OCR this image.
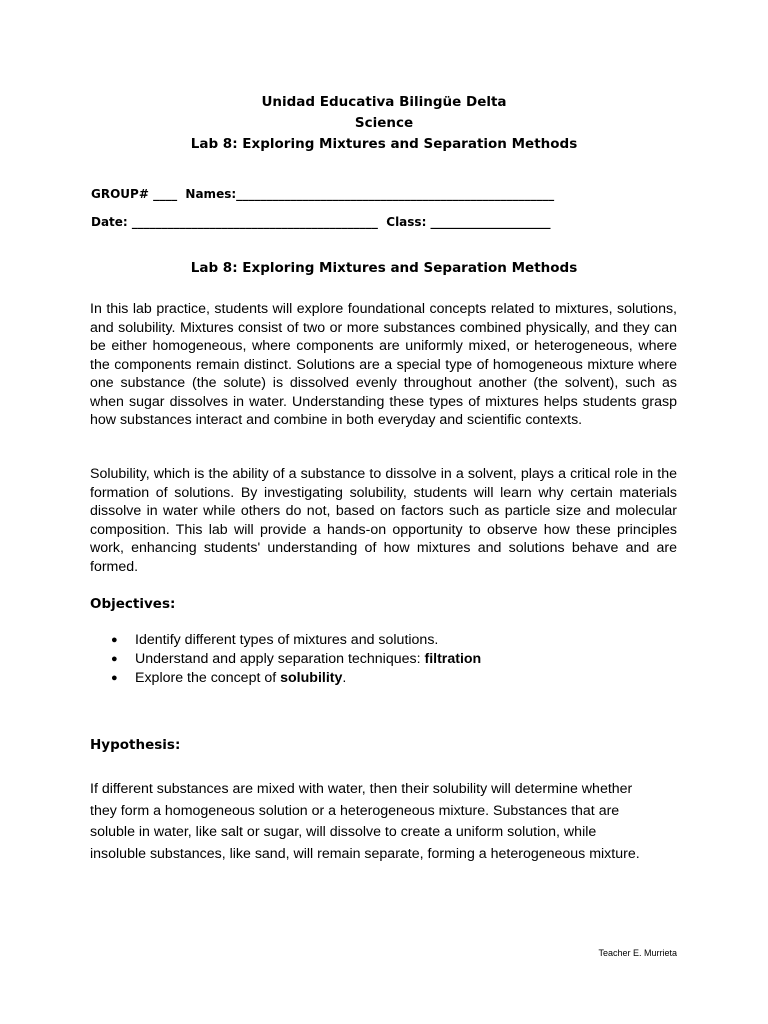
Unidad Educativa Bilingüe Delta
Science
Lab 8: Exploring Mixtures and Separation Methods
GROUP# ____  Names:_____________________________________________________
Date: _________________________________________  Class: ____________________
Lab 8: Exploring Mixtures and Separation Methods

In this lab practice, students will explore foundational concepts related to mixtures, solutions, and solubility. Mixtures consist of two or more substances combined physically, and they can be either homogeneous, where components are uniformly mixed, or heterogeneous, where the components remain distinct. Solutions are a special type of homogeneous mixture where one substance (the solute) is dissolved evenly throughout another (the solvent), such as when sugar dissolves in water. Understanding these types of mixtures helps students grasp how substances interact and combine in both everyday and scientific contexts.

Solubility, which is the ability of a substance to dissolve in a solvent, plays a critical role in the formation of solutions. By investigating solubility, students will learn why certain materials dissolve in water while others do not, based on factors such as particle size and molecular composition. This lab will provide a hands-on opportunity to observe how these principles work, enhancing students' understanding of how mixtures and solutions behave and are formed.

Objectives:
● Identify different types of mixtures and solutions.
● Understand and apply separation techniques: filtration
● Explore the concept of solubility.
Hypothesis:

If different substances are mixed with water, then their solubility will determine whether
they form a homogeneous solution or a heterogeneous mixture. Substances that are
soluble in water, like salt or sugar, will dissolve to create a uniform solution, while
insoluble substances, like sand, will remain separate, forming a heterogeneous mixture.

Teacher E. Murrieta
